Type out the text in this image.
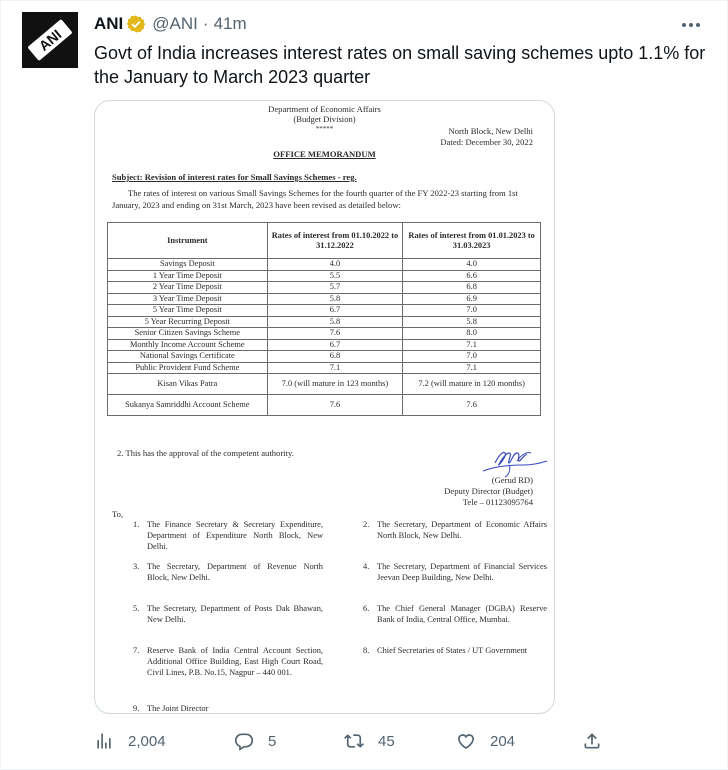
ANI
ANI @ANI · 41m
Govt of India increases interest rates on small saving schemes upto 1.1% for the January to March 2023 quarter
Department of Economic Affairs
(Budget Division)
*****	North Block, New Delhi
Dated: December 30, 2022
OFFICE MEMORANDUM
Subject: Revision of interest rates for Small Savings Schemes - reg.

The rates of interest on various Small Savings Schemes for the fourth quarter of the FY 2022-23 starting from 1st January, 2023 and ending on 31st March, 2023 have been revised as detailed below:

Instrument	Rates of interest from 01.10.2022 to 31.12.2022	Rates of interest from 01.01.2023 to 31.03.2023
Savings Deposit	4.0	4.0
1 Year Time Deposit	5.5	6.6
2 Year Time Deposit	5.7	6.8
3 Year Time Deposit	5.8	6.9
5 Year Time Deposit	6.7	7.0
5 Year Recurring Deposit	5.8	5.8
Senior Citizen Savings Scheme	7.6	8.0
Monthly Income Account Scheme	6.7	7.1
National Savings Certificate	6.8	7.0
Public Provident Fund Scheme	7.1	7.1
Kisan Vikas Patra	7.0 (will mature in 123 months)	7.2 (will mature in 120 months)
Sukanya Samriddhi Account Scheme	7.6	7.6
2. This has the approval of the competent authority.
(Gerud RD)
Deputy Director (Budget)
Tele – 01123095764
To,
1. The Finance Secretary & Secretary Expenditure, Department of Expenditure North Block, New Delhi.
2. The Secretary, Department of Economic Affairs North Block, New Delhi.
3. The Secretary, Department of Revenue North Block, New Delhi.
4. The Secretary, Department of Financial Services Jeevan Deep Building, New Delhi.
5. The Secretary, Department of Posts Dak Bhawan, New Delhi.
6. The Chief General Manager (DGBA) Reserve Bank of India, Central Office, Mumbai.
7. Reserve Bank of India Central Account Section, Additional Office Building, East High Court Road, Civil Lines, P.B. No.15, Nagpur – 440 001.
8. Chief Secretaries of States / UT Government
9. The Joint Director
2,004	5	45	204
